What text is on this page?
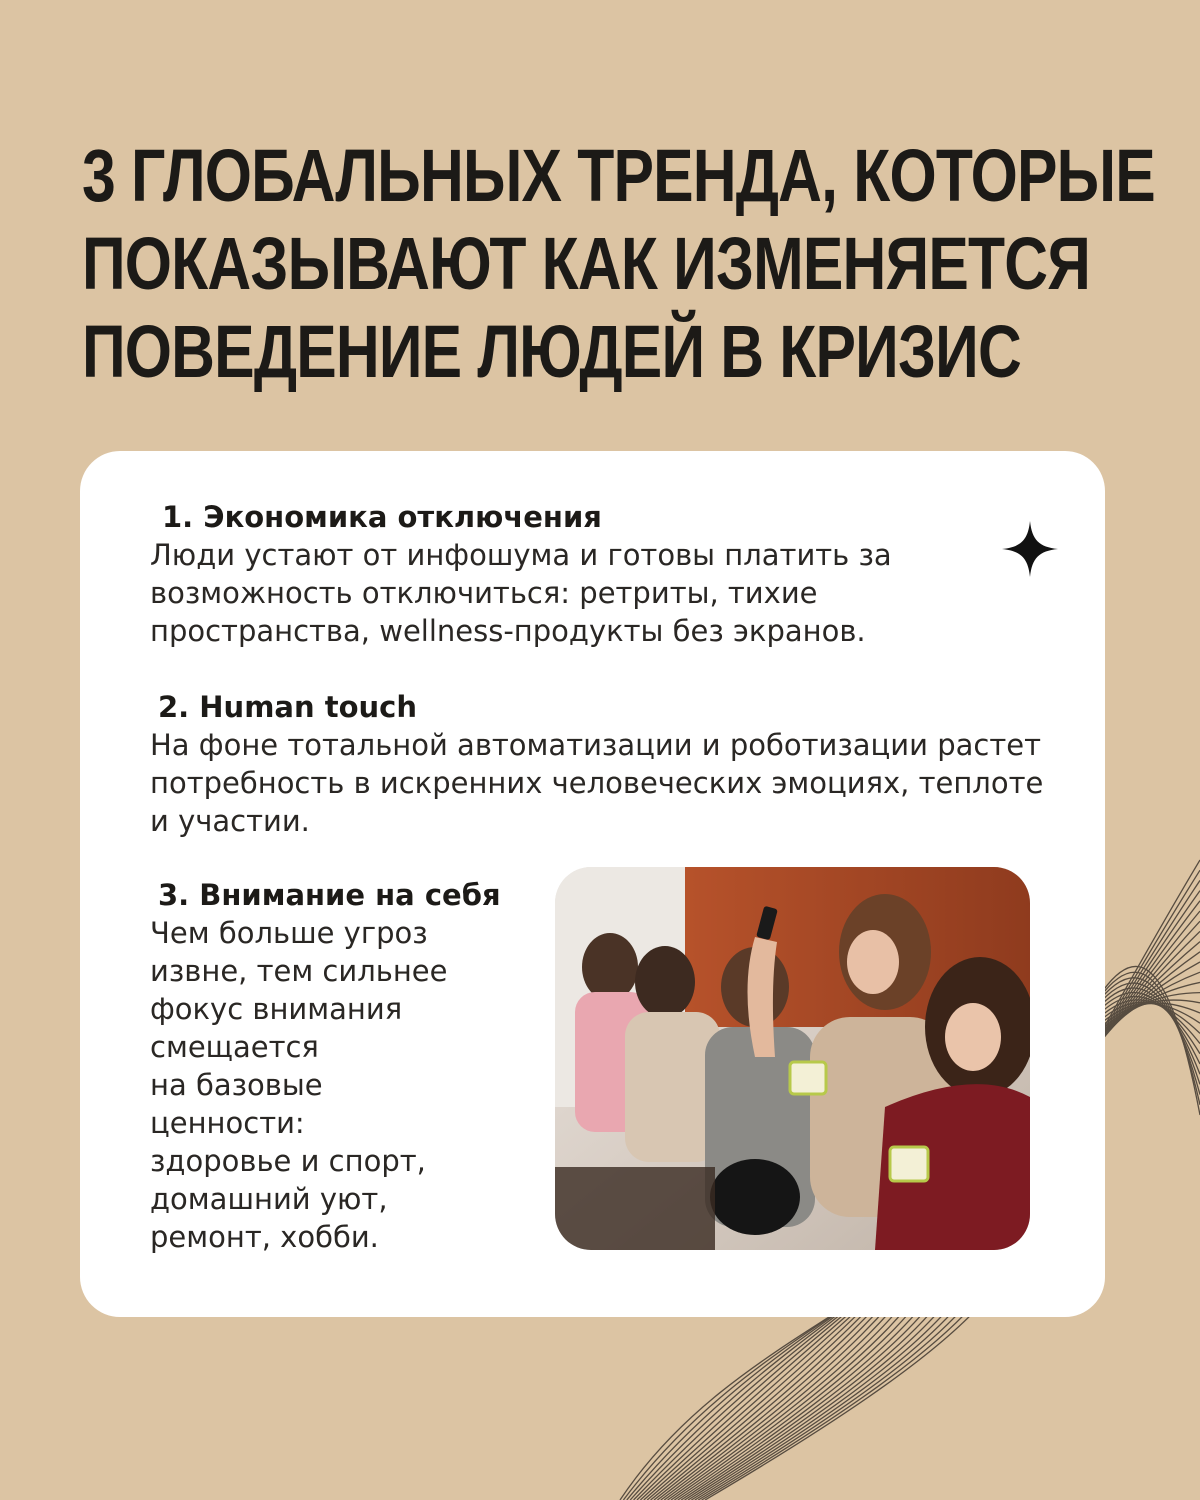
3 ГЛОБАЛЬНЫХ ТРЕНДА, КОТОРЫЕ
ПОКАЗЫВАЮТ КАК ИЗМЕНЯЕТСЯ
ПОВЕДЕНИЕ ЛЮДЕЙ В КРИЗИС
1. Экономика отключения
Люди устают от инфошума и готовы платить за возможность отключиться: ретриты, тихие пространства, wellness-продукты без экранов.
2. Human touch
На фоне тотальной автоматизации и роботизации растет потребность в искренних человеческих эмоциях, теплоте и участии.
3. Внимание на себя
Чем больше угроз
извне, тем сильнее
фокус внимания
смещается
на базовые
ценности:
здоровье и спорт,
домашний уют,
ремонт, хобби.
